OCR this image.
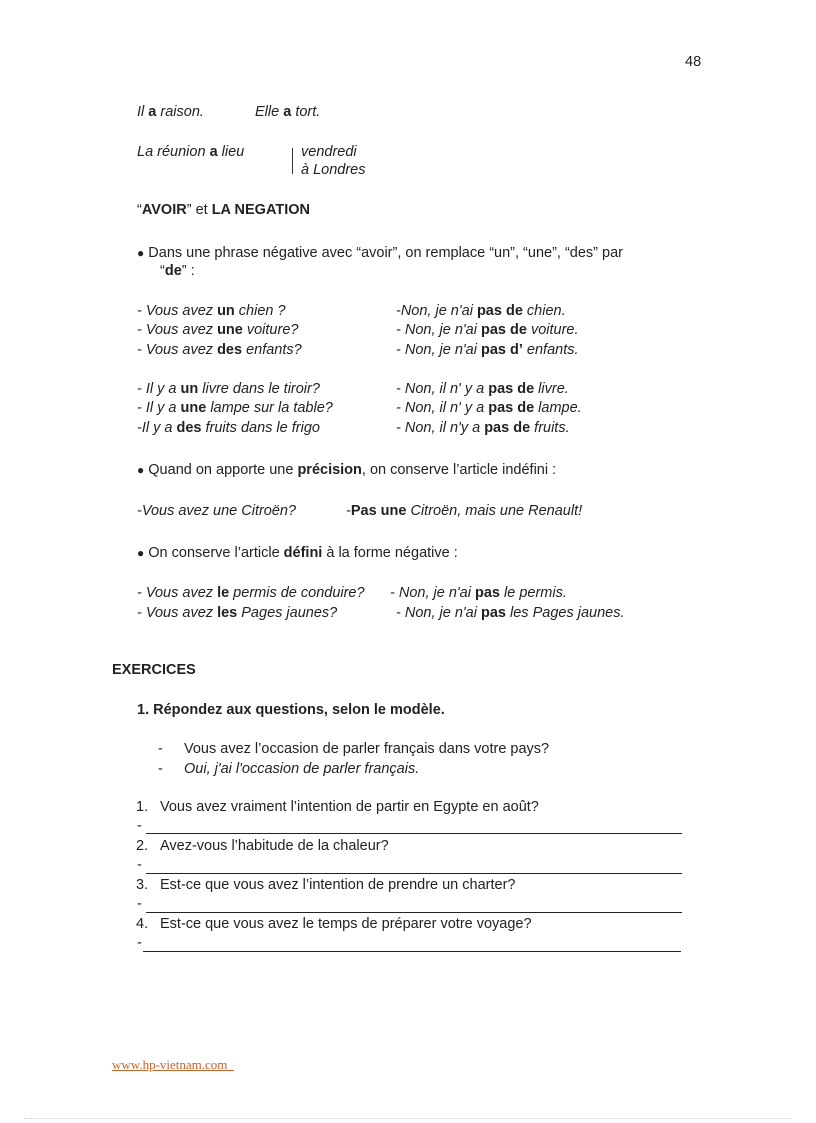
48
Il a raison.	Elle a tort.
La réunion a lieu	vendredi
à Londres
“AVOIR” et LA NEGATION
● Dans une phrase négative avec “avoir”, on remplace “un”, “une”, “des” par
“de” :
- Vous avez un chien ?	-Non, je n'ai pas de chien.
- Vous avez une voiture?	- Non, je n'ai pas de voiture.
- Vous avez des enfants?	- Non, je n'ai pas d’ enfants.
- Il y a un livre dans le tiroir?	- Non, il n' y a pas de livre.
- Il y a une lampe sur la table?	- Non, il n' y a pas de lampe.
-Il y a des fruits dans le frigo	- Non, il n'y a pas de fruits.
● Quand on apporte une précision, on conserve l’article indéfini :
-Vous avez une Citroën?	-Pas une Citroën, mais une Renault!
● On conserve l’article défini à la forme négative :
- Vous avez le permis de conduire? - Non, je n'ai pas le permis.
- Vous avez les Pages jaunes?	- Non, je n'ai pas les Pages jaunes.
EXERCICES
1. Répondez aux questions, selon le modèle.
- Vous avez l’occasion de parler français dans votre pays?
- Oui, j'ai l'occasion de parler français.
1. Vous avez vraiment l’intention de partir en Egypte en août?
-
2. Avez-vous l’habitude de la chaleur?
-
3. Est-ce que vous avez l’intention de prendre un charter?
-
4. Est-ce que vous avez le temps de préparer votre voyage?
-
www.hp-vietnam.com
